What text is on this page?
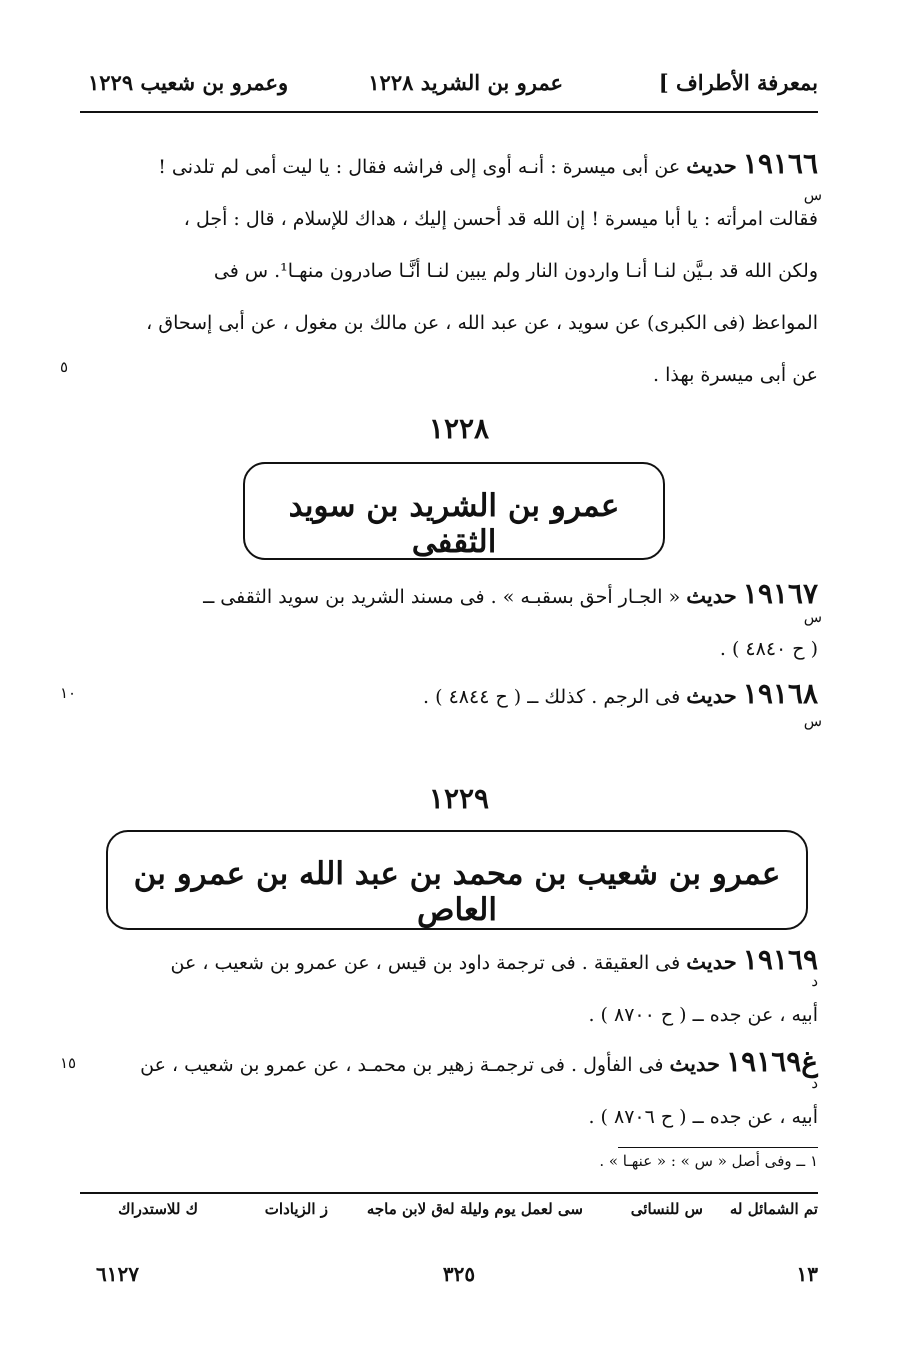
بمعرفة الأطراف ]
عمرو بن الشريد ١٢٢٨
وعمرو بن شعيب ١٢٢٩
١٩١٦٦ حديث عن أبى ميسرة : أنـه أوى إلى فراشه فقال : يا ليت أمى لم تلدنى !
فقالت امرأته : يا أبا ميسرة ! إن الله قد أحسن إليك ، هداك للإسلام ، قال : أجل ،
ولكن الله قد بـيَّن لنـا أنـا واردون النار ولم يبين لنـا أنَّـا صادرون منهـا¹. س فى
المواعظ (فى الكبرى) عن سويد ، عن عبد الله ، عن مالك بن مغول ، عن أبى إسحاق ،
عن أبى ميسرة بهذا .
س
٥
١٢٢٨
عمرو بن الشريد بن سويد الثقفى
١٩١٦٧ حديث « الجـار أحق بسقبـه » . فى مسند الشريد بن سويد الثقفى ــ
( ح ٤٨٤٠ ) .
س
١٩١٦٨ حديث فى الرجم . كذلك ــ ( ح ٤٨٤٤ ) .
س
١٠
١٢٢٩
عمرو بن شعيب بن محمد بن عبد الله بن عمرو بن العاص
١٩١٦٩ حديث فى العقيقة . فى ترجمة داود بن قيس ، عن عمرو بن شعيب ، عن
أبيه ، عن جده ــ ( ح ٨٧٠٠ ) .
د
غ١٩١٦٩ حديث فى الفأول . فى ترجمـة زهير بن محمـد ، عن عمرو بن شعيب ، عن
أبيه ، عن جده ــ ( ح ٨٧٠٦ ) .
د
١٥
١ ــ وفى أصل « س » : « عنهـا » .
تم الشمائل له
س للنسائى
سى لعمل يوم وليلة له
ق لابن ماجه
ز الزيادات
ك للاستدراك
١٣
٣٢٥
٦١٢٧
